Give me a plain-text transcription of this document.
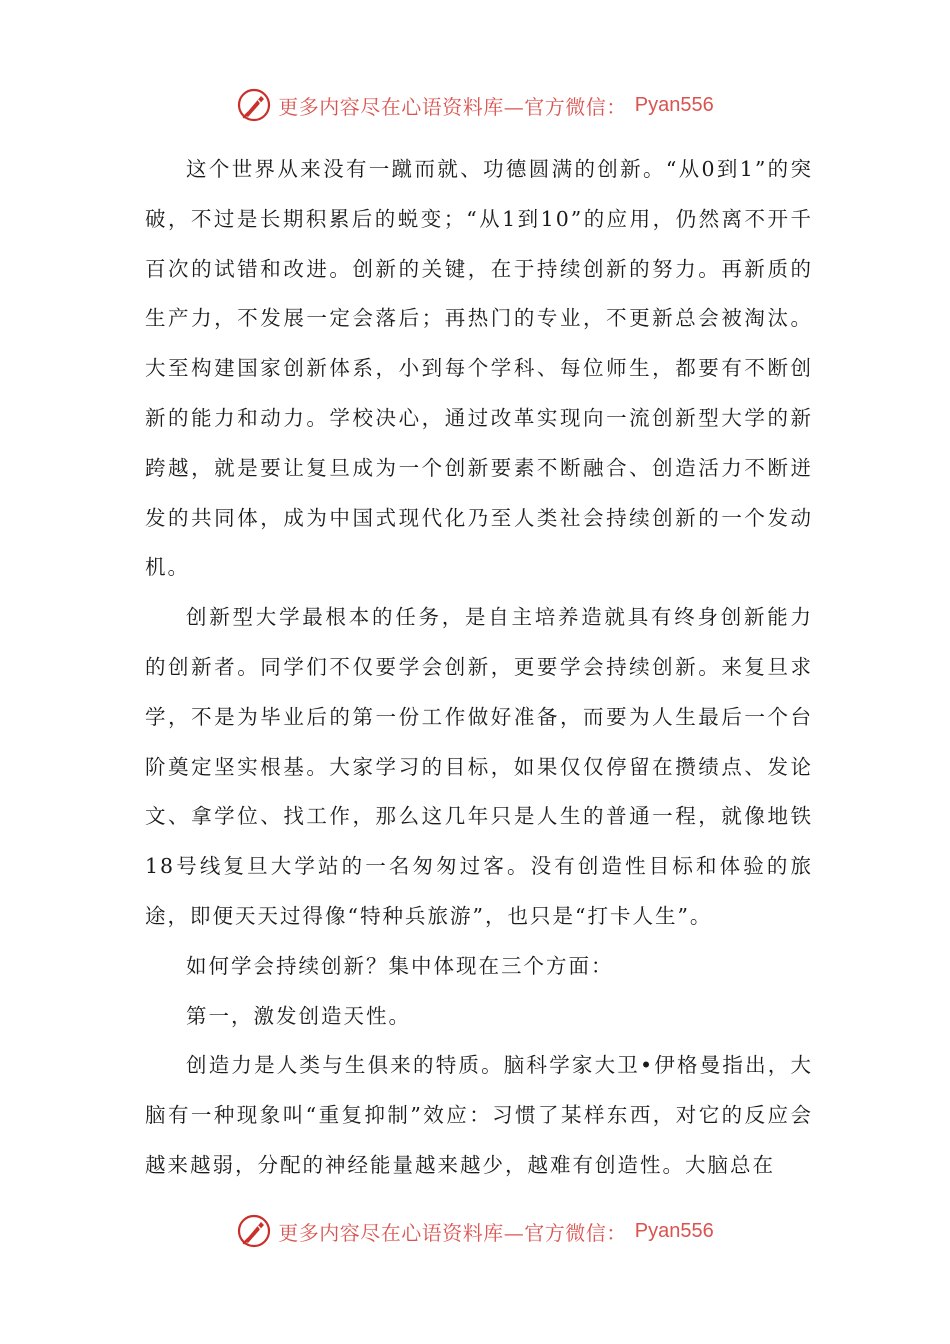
更多内容尽在心语资料库—官方微信： Pyan556

这个世界从来没有一蹴而就、功德圆满的创新。“从0到1”的突破，不过是长期积累后的蜕变；“从1到10”的应用，仍然离不开千百次的试错和改进。创新的关键，在于持续创新的努力。再新质的生产力，不发展一定会落后；再热门的专业，不更新总会被淘汰。大至构建国家创新体系，小到每个学科、每位师生，都要有不断创新的能力和动力。学校决心，通过改革实现向一流创新型大学的新跨越，就是要让复旦成为一个创新要素不断融合、创造活力不断迸发的共同体，成为中国式现代化乃至人类社会持续创新的一个发动机。

创新型大学最根本的任务，是自主培养造就具有终身创新能力的创新者。同学们不仅要学会创新，更要学会持续创新。来复旦求学，不是为毕业后的第一份工作做好准备，而要为人生最后一个台阶奠定坚实根基。大家学习的目标，如果仅仅停留在攒绩点、发论文、拿学位、找工作，那么这几年只是人生的普通一程，就像地铁18号线复旦大学站的一名匆匆过客。没有创造性目标和体验的旅途，即便天天过得像“特种兵旅游”，也只是“打卡人生”。

如何学会持续创新？集中体现在三个方面：

第一，激发创造天性。

创造力是人类与生俱来的特质。脑科学家大卫•伊格曼指出，大脑有一种现象叫“重复抑制”效应：习惯了某样东西，对它的反应会越来越弱，分配的神经能量越来越少，越难有创造性。大脑总在

更多内容尽在心语资料库—官方微信： Pyan556
